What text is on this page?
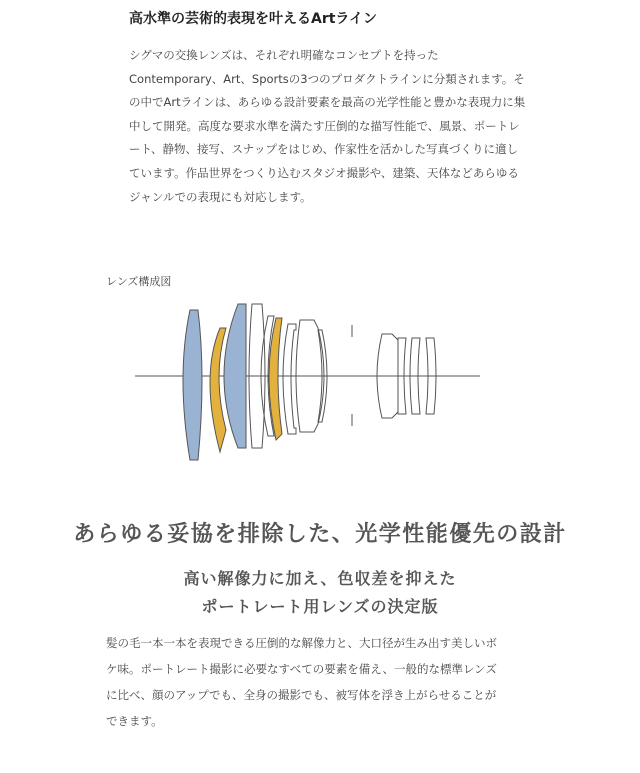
高水準の芸術的表現を叶えるArtライン

シグマの交換レンズは、それぞれ明確なコンセプトを持ったContemporary、Art、Sportsの3つのプロダクトラインに分類されます。その中でArtラインは、あらゆる設計要素を最高の光学性能と豊かな表現力に集中して開発。高度な要求水準を満たす圧倒的な描写性能で、風景、ポートレート、静物、接写、スナップをはじめ、作家性を活かした写真づくりに適しています。作品世界をつくり込むスタジオ撮影や、建築、天体などあらゆるジャンルでの表現にも対応します。

レンズ構成図

あらゆる妥協を排除した、光学性能優先の設計
高い解像力に加え、色収差を抑えた
ポートレート用レンズの決定版

髪の毛一本一本を表現できる圧倒的な解像力と、大口径が生み出す美しいボケ味。ポートレート撮影に必要なすべての要素を備え、一般的な標準レンズに比べ、顔のアップでも、全身の撮影でも、被写体を浮き上がらせることができます。
